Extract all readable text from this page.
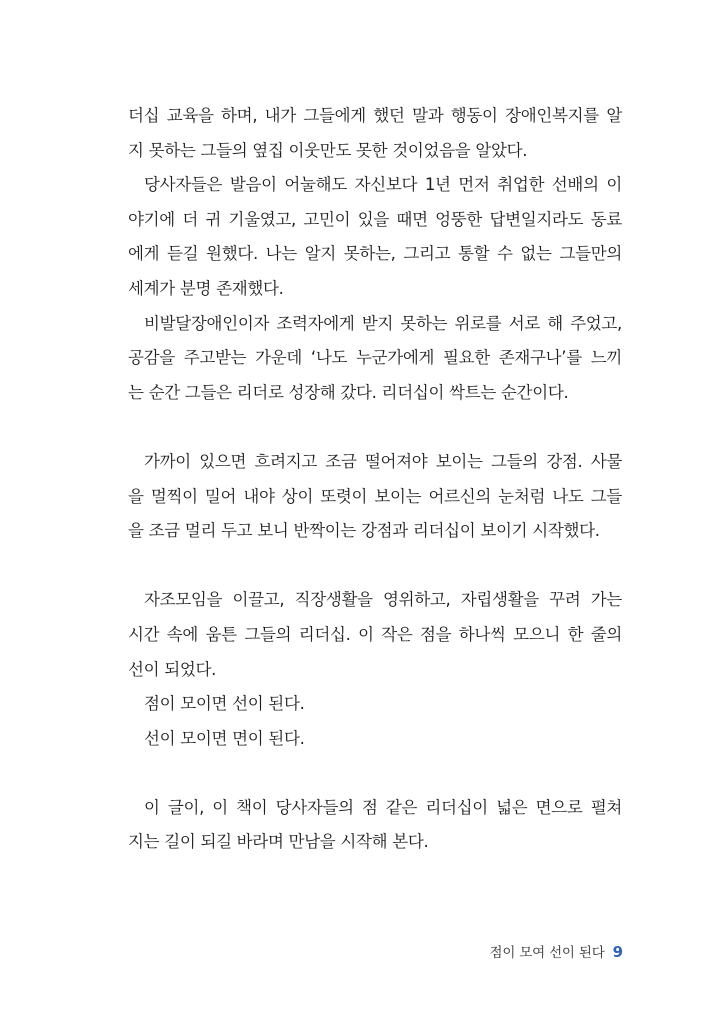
더십 교육을 하며, 내가 그들에게 했던 말과 행동이 장애인복지를 알
지 못하는 그들의 옆집 이웃만도 못한 것이었음을 알았다.
당사자들은 발음이 어눌해도 자신보다 1년 먼저 취업한 선배의 이
야기에 더 귀 기울였고, 고민이 있을 때면 엉뚱한 답변일지라도 동료
에게 듣길 원했다. 나는 알지 못하는, 그리고 통할 수 없는 그들만의
세계가 분명 존재했다.
비발달장애인이자 조력자에게 받지 못하는 위로를 서로 해 주었고,
공감을 주고받는 가운데 ‘나도 누군가에게 필요한 존재구나’를 느끼
는 순간 그들은 리더로 성장해 갔다. 리더십이 싹트는 순간이다.
가까이 있으면 흐려지고 조금 떨어져야 보이는 그들의 강점. 사물
을 멀찍이 밀어 내야 상이 또렷이 보이는 어르신의 눈처럼 나도 그들
을 조금 멀리 두고 보니 반짝이는 강점과 리더십이 보이기 시작했다.
자조모임을 이끌고, 직장생활을 영위하고, 자립생활을 꾸려 가는
시간 속에 움튼 그들의 리더십. 이 작은 점을 하나씩 모으니 한 줄의
선이 되었다.
점이 모이면 선이 된다.
선이 모이면 면이 된다.
이 글이, 이 책이 당사자들의 점 같은 리더십이 넓은 면으로 펼쳐
지는 길이 되길 바라며 만남을 시작해 본다.
점이 모여 선이 된다 9
